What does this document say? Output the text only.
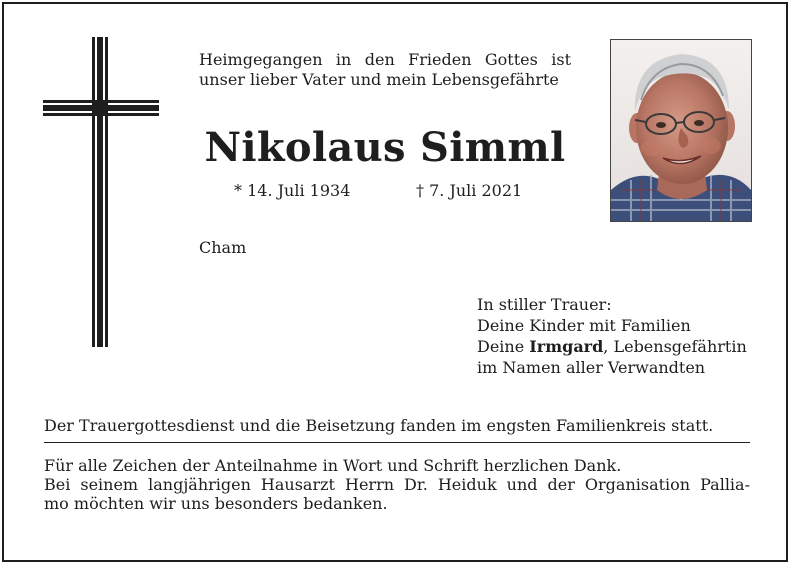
Heimgegangen in den Frieden Gottes ist
unser lieber Vater und mein Lebensgefährte
Nikolaus Simml
* 14. Juli 1934	† 7. Juli 2021
Cham
In stiller Trauer:
Deine Kinder mit Familien
Deine Irmgard, Lebensgefährtin
im Namen aller Verwandten
Der Trauergottesdienst und die Beisetzung fanden im engsten Familienkreis statt.
Für alle Zeichen der Anteilnahme in Wort und Schrift herzlichen Dank.
Bei seinem langjährigen Hausarzt Herrn Dr. Heiduk und der Organisation Pallia-
mo möchten wir uns besonders bedanken.
